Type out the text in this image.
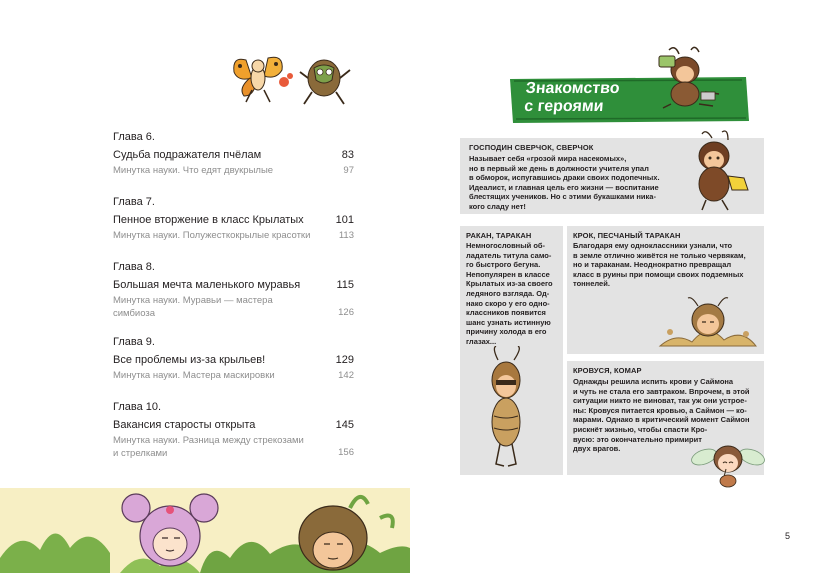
Глава 6.
Судьба подражателя пчёлам	83
Минутка науки. Что едят двукрылые	97
Глава 7.
Пенное вторжение в класс Крылатых	101
Минутка науки. Полужесткокрылые красотки	113
Глава 8.
Большая мечта маленького муравья	115
Минутка науки. Муравьи — мастера
симбиоза	126
Глава 9.
Все проблемы из-за крыльев!	129
Минутка науки. Мастера маскировки	142
Глава 10.
Вакансия старосты открыта	145
Минутка науки. Разница между стрекозами
и стрелками	156
Знакомство
с героями
ГОСПОДИН СВЕРЧОК, СВЕРЧОК
Называет себя «грозой мира насекомых»,
но в первый же день в должности учителя упал
в обморок, испугавшись драки своих подопечных.
Идеалист, и главная цель его жизни — воспитание
блестящих учеников. Но с этими букашками ника-
кого сладу нет!
РАКАН, ТАРАКАН
Немногословный об-
ладатель титула само-
го быстрого бегуна.
Непопулярен в классе
Крылатых из-за своего
ледяного взгляда. Од-
нако скоро у его одно-
классников появится
шанс узнать истинную
причину холода в его
глазах...
КРОК, ПЕСЧАНЫЙ ТАРАКАН
Благодаря ему одноклассники узнали, что
в земле отлично живётся не только червякам,
но и тараканам. Неоднократно превращал
класс в руины при помощи своих подземных
тоннелей.
КРОВУСЯ, КОМАР
Однажды решила испить крови у Саймона
и чуть не стала его завтраком. Впрочем, в этой
ситуации никто не виноват, так уж они устрое-
ны: Кровуся питается кровью, а Саймон — ко-
марами. Однако в критический момент Саймон
рискнёт жизнью, чтобы спасти Кро-
вусю: это окончательно примирит
двух врагов.
5
